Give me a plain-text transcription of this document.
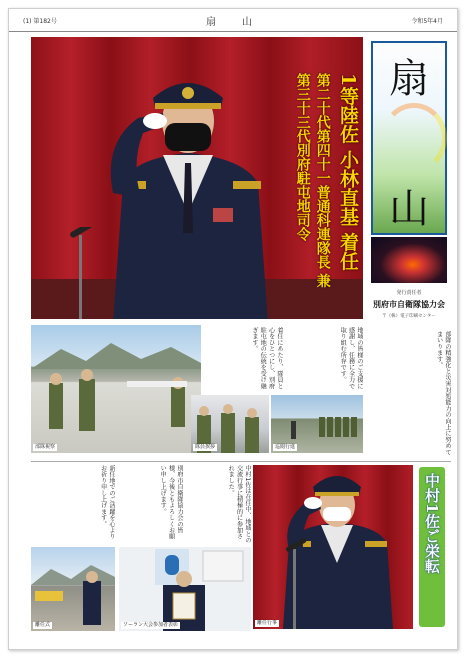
(1) 第182号	扇　山	令和5年4月
1等陸佐 小林直基 着任
第二十代第四十一普通科連隊長 兼
第三十三代別府駐屯地司令	扇
山
発行責任者
別府市自衛隊協力会
〒（株）電子印刷センター
部隊視察
着任にあたり、隊員と心をひとつにし、別府駐屯地の伝統を受け継ぎます。	地域の皆様のご支援に感謝し、任務に全力で取り組む所存です。	部隊の精強化と災害対処能力の向上に努めてまいります。
隊員挨拶	巡閲行進
別府市自衛隊協力会の皆様、今後ともよろしくお願い申し上げます。	中村1佐は在任中、地域との交流行事に積極的に参加されました。
新任地でのご活躍を心よりお祈り申し上げます。
離任式	ソーラン大会参加者表彰	離任行事
中村1佐ご栄転
